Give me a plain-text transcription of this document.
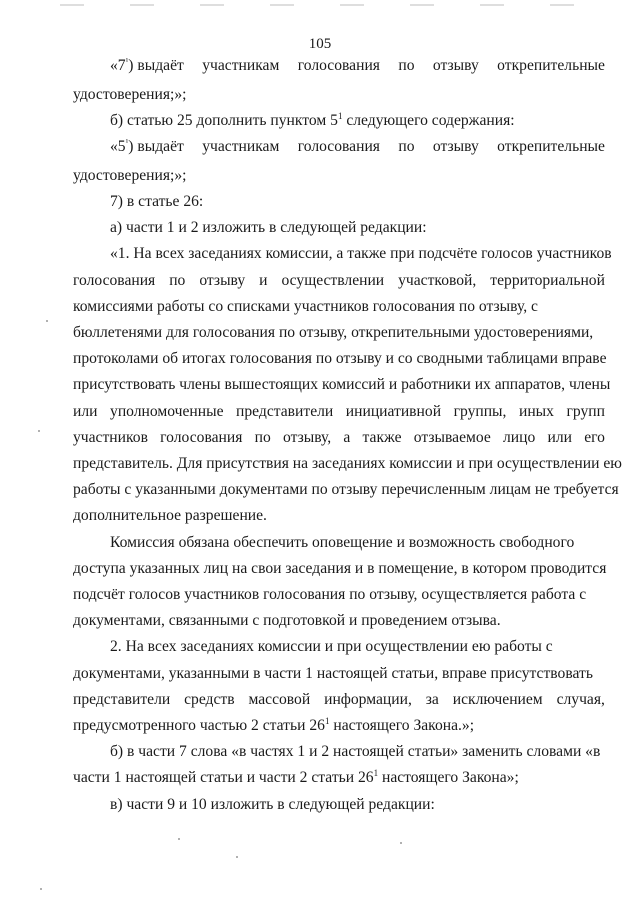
105
«$7^{^1}$) выдаёт участникам голосования по отзыву открепительные
удостоверения;»;
б) статью 25 дополнить пунктом $5^1$ следующего содержания:
«$5^{^1}$) выдаёт участникам голосования по отзыву открепительные
удостоверения;»;
7) в статье 26:
а) части 1 и 2 изложить в следующей редакции:
«1. На всех заседаниях комиссии, а также при подсчёте голосов участников
голосования по отзыву и осуществлении участковой, территориальной
комиссиями работы со списками участников голосования по отзыву, с
бюллетенями для голосования по отзыву, открепительными удостоверениями,
протоколами об итогах голосования по отзыву и со сводными таблицами вправе
присутствовать члены вышестоящих комиссий и работники их аппаратов, члены
или уполномоченные представители инициативной группы, иных групп
участников голосования по отзыву, а также отзываемое лицо или его
представитель. Для присутствия на заседаниях комиссии и при осуществлении ею
работы с указанными документами по отзыву перечисленным лицам не требуется
дополнительное разрешение.
Комиссия обязана обеспечить оповещение и возможность свободного
доступа указанных лиц на свои заседания и в помещение, в котором проводится
подсчёт голосов участников голосования по отзыву, осуществляется работа с
документами, связанными с подготовкой и проведением отзыва.
2. На всех заседаниях комиссии и при осуществлении ею работы с
документами, указанными в части 1 настоящей статьи, вправе присутствовать
представители средств массовой информации, за исключением случая,
предусмотренного частью 2 статьи $26^1$ настоящего Закона.»;
б) в части 7 слова «в частях 1 и 2 настоящей статьи» заменить словами «в
части 1 настоящей статьи и части 2 статьи $26^1$ настоящего Закона»;
в) части 9 и 10 изложить в следующей редакции:
